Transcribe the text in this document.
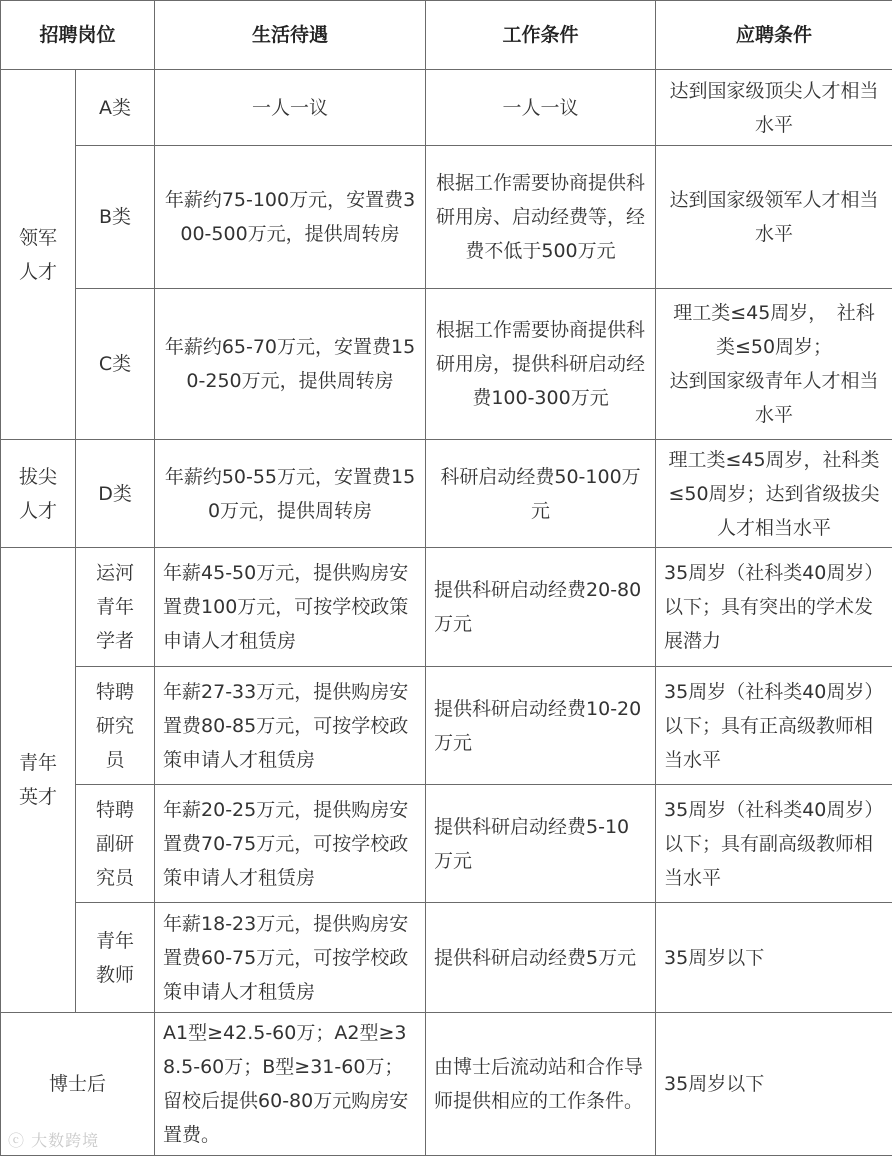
招聘岗位		生活待遇	工作条件	应聘条件

领军
人才	A类	一人一议	一人一议	达到国家级顶尖人才相当水平
	B类	年薪约75-100万元，安置费300-500万元，提供周转房	根据工作需要协商提供科研用房、启动经费等，经费不低于500万元	达到国家级领军人才相当水平
	C类	年薪约65-70万元，安置费150-250万元，提供周转房	根据工作需要协商提供科研用房，提供科研启动经费100-300万元	理工类≤45周岁，　社科类≤50周岁；
达到国家级青年人才相当水平

拔尖
人才	D类	年薪约50-55万元，安置费150万元，提供周转房	科研启动经费50-100万元	理工类≤45周岁，社科类≤50周岁；达到省级拔尖人才相当水平

青年
英才	运河
青年
学者	年薪45-50万元，提供购房安置费100万元，可按学校政策申请人才租赁房	提供科研启动经费20-80万元	35周岁（社科类40周岁）以下；具有突出的学术发展潜力

	特聘
研究
员	年薪27-33万元，提供购房安置费80-85万元，可按学校政策申请人才租赁房	提供科研启动经费10-20万元	35周岁（社科类40周岁）以下；具有正高级教师相当水平

	特聘
副研
究员	年薪20-25万元，提供购房安置费70-75万元，可按学校政策申请人才租赁房	提供科研启动经费5-10万元	35周岁（社科类40周岁）以下；具有副高级教师相当水平

	青年
教师	年薪18-23万元，提供购房安置费60-75万元，可按学校政策申请人才租赁房	提供科研启动经费5万元	35周岁以下
博士后		A1型≥42.5-60万；A2型≥38.5-60万；B型≥31-60万；留校后提供60-80万元购房安置费。	由博士后流动站和合作导师提供相应的工作条件。	35周岁以下
ⓒ 大数跨境
